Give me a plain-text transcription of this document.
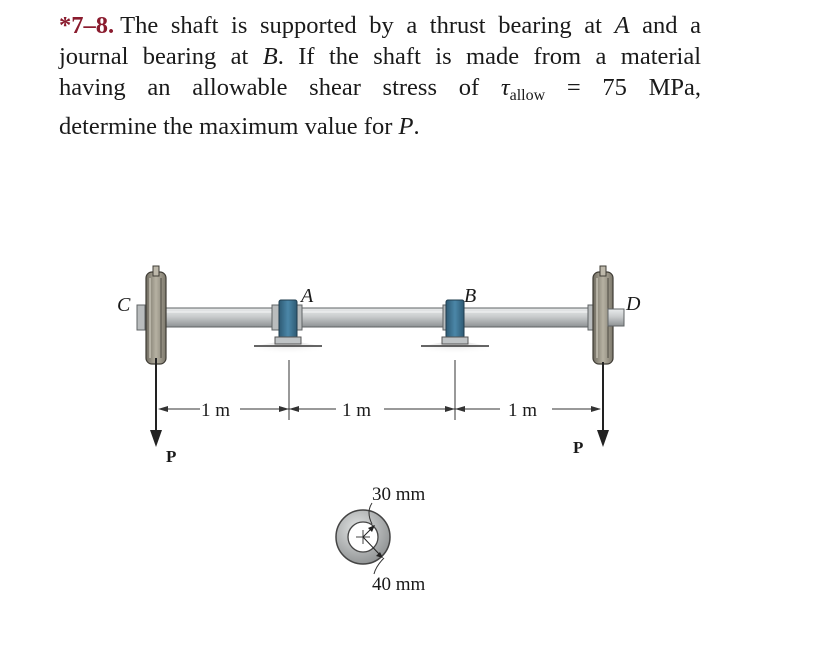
*7–8. The shaft is supported by a thrust bearing at A and a
journal bearing at B. If the shaft is made from a material
having an allowable shear stress of $\tau_{allow} = 75$ MPa,
determine the maximum value for P.
C	A	B	D
P	P
1 m	1 m	1 m
30 mm
40 mm
